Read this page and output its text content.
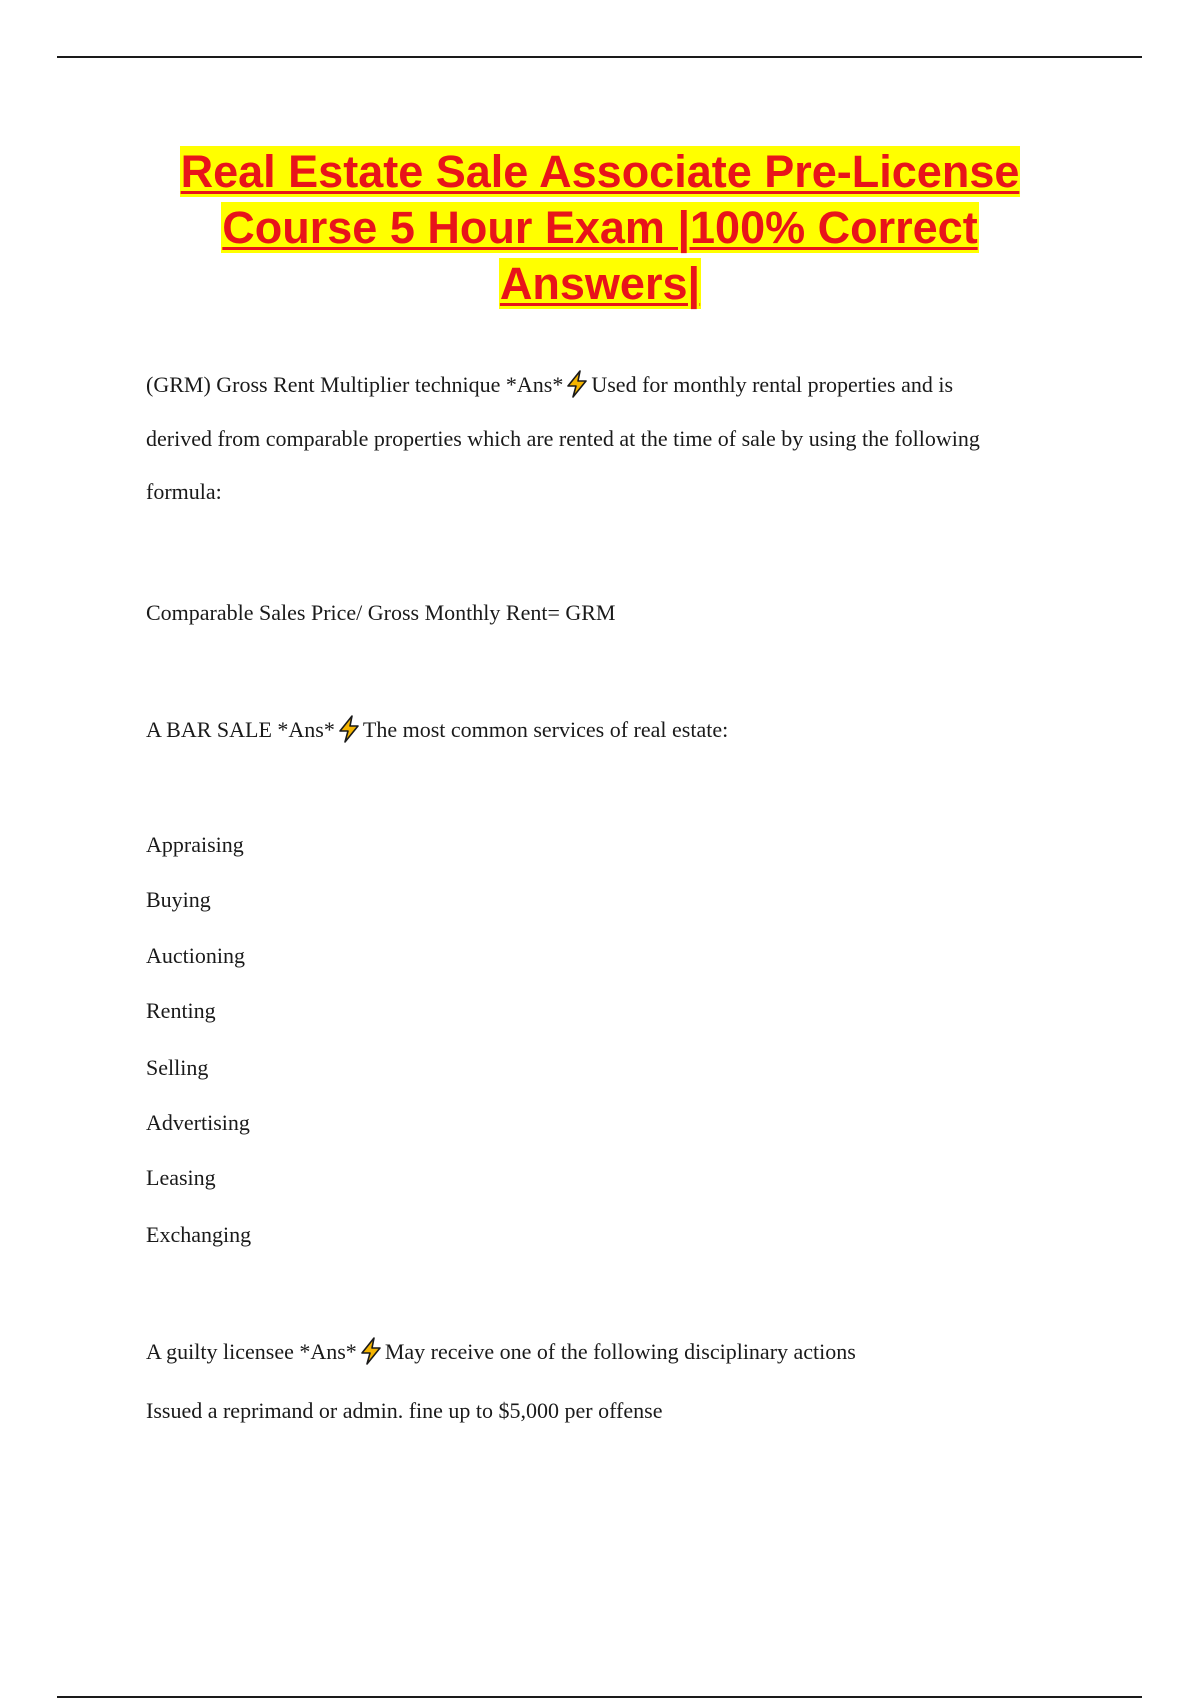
Real Estate Sale Associate Pre-License Course 5 Hour Exam |100% Correct Answers|

(GRM) Gross Rent Multiplier technique *Ans* Used for monthly rental properties and is

derived from comparable properties which are rented at the time of sale by using the following

formula:

Comparable Sales Price/ Gross Monthly Rent= GRM

A BAR SALE *Ans* The most common services of real estate:

Appraising

Buying

Auctioning

Renting

Selling

Advertising

Leasing

Exchanging

A guilty licensee *Ans* May receive one of the following disciplinary actions

Issued a reprimand or admin. fine up to $5,000 per offense
